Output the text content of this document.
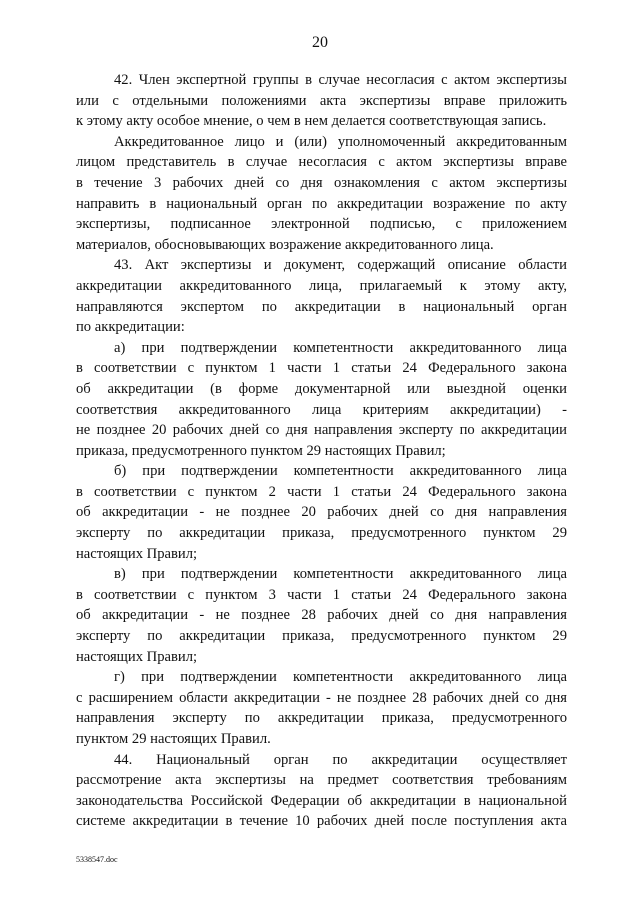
20

42. Член экспертной группы в случае несогласия с актом экспертизы
или с отдельными положениями акта экспертизы вправе приложить
к этому акту особое мнение, о чем в нем делается соответствующая запись.

Аккредитованное лицо и (или) уполномоченный аккредитованным
лицом представитель в случае несогласия с актом экспертизы вправе
в течение 3 рабочих дней со дня ознакомления с актом экспертизы
направить в национальный орган по аккредитации возражение по акту
экспертизы, подписанное электронной подписью, с приложением
материалов, обосновывающих возражение аккредитованного лица.

43. Акт экспертизы и документ, содержащий описание области
аккредитации аккредитованного лица, прилагаемый к этому акту,
направляются экспертом по аккредитации в национальный орган
по аккредитации:

а) при подтверждении компетентности аккредитованного лица
в соответствии с пунктом 1 части 1 статьи 24 Федерального закона
об аккредитации (в форме документарной или выездной оценки
соответствия аккредитованного лица критериям аккредитации) -
не позднее 20 рабочих дней со дня направления эксперту по аккредитации
приказа, предусмотренного пунктом 29 настоящих Правил;

б) при подтверждении компетентности аккредитованного лица
в соответствии с пунктом 2 части 1 статьи 24 Федерального закона
об аккредитации - не позднее 20 рабочих дней со дня направления
эксперту по аккредитации приказа, предусмотренного пунктом 29
настоящих Правил;

в) при подтверждении компетентности аккредитованного лица
в соответствии с пунктом 3 части 1 статьи 24 Федерального закона
об аккредитации - не позднее 28 рабочих дней со дня направления
эксперту по аккредитации приказа, предусмотренного пунктом 29
настоящих Правил;

г) при подтверждении компетентности аккредитованного лица
с расширением области аккредитации - не позднее 28 рабочих дней со дня
направления эксперту по аккредитации приказа, предусмотренного
пунктом 29 настоящих Правил.

44. Национальный орган по аккредитации осуществляет
рассмотрение акта экспертизы на предмет соответствия требованиям
законодательства Российской Федерации об аккредитации в национальной
системе аккредитации в течение 10 рабочих дней после поступления акта

5338547.doc
